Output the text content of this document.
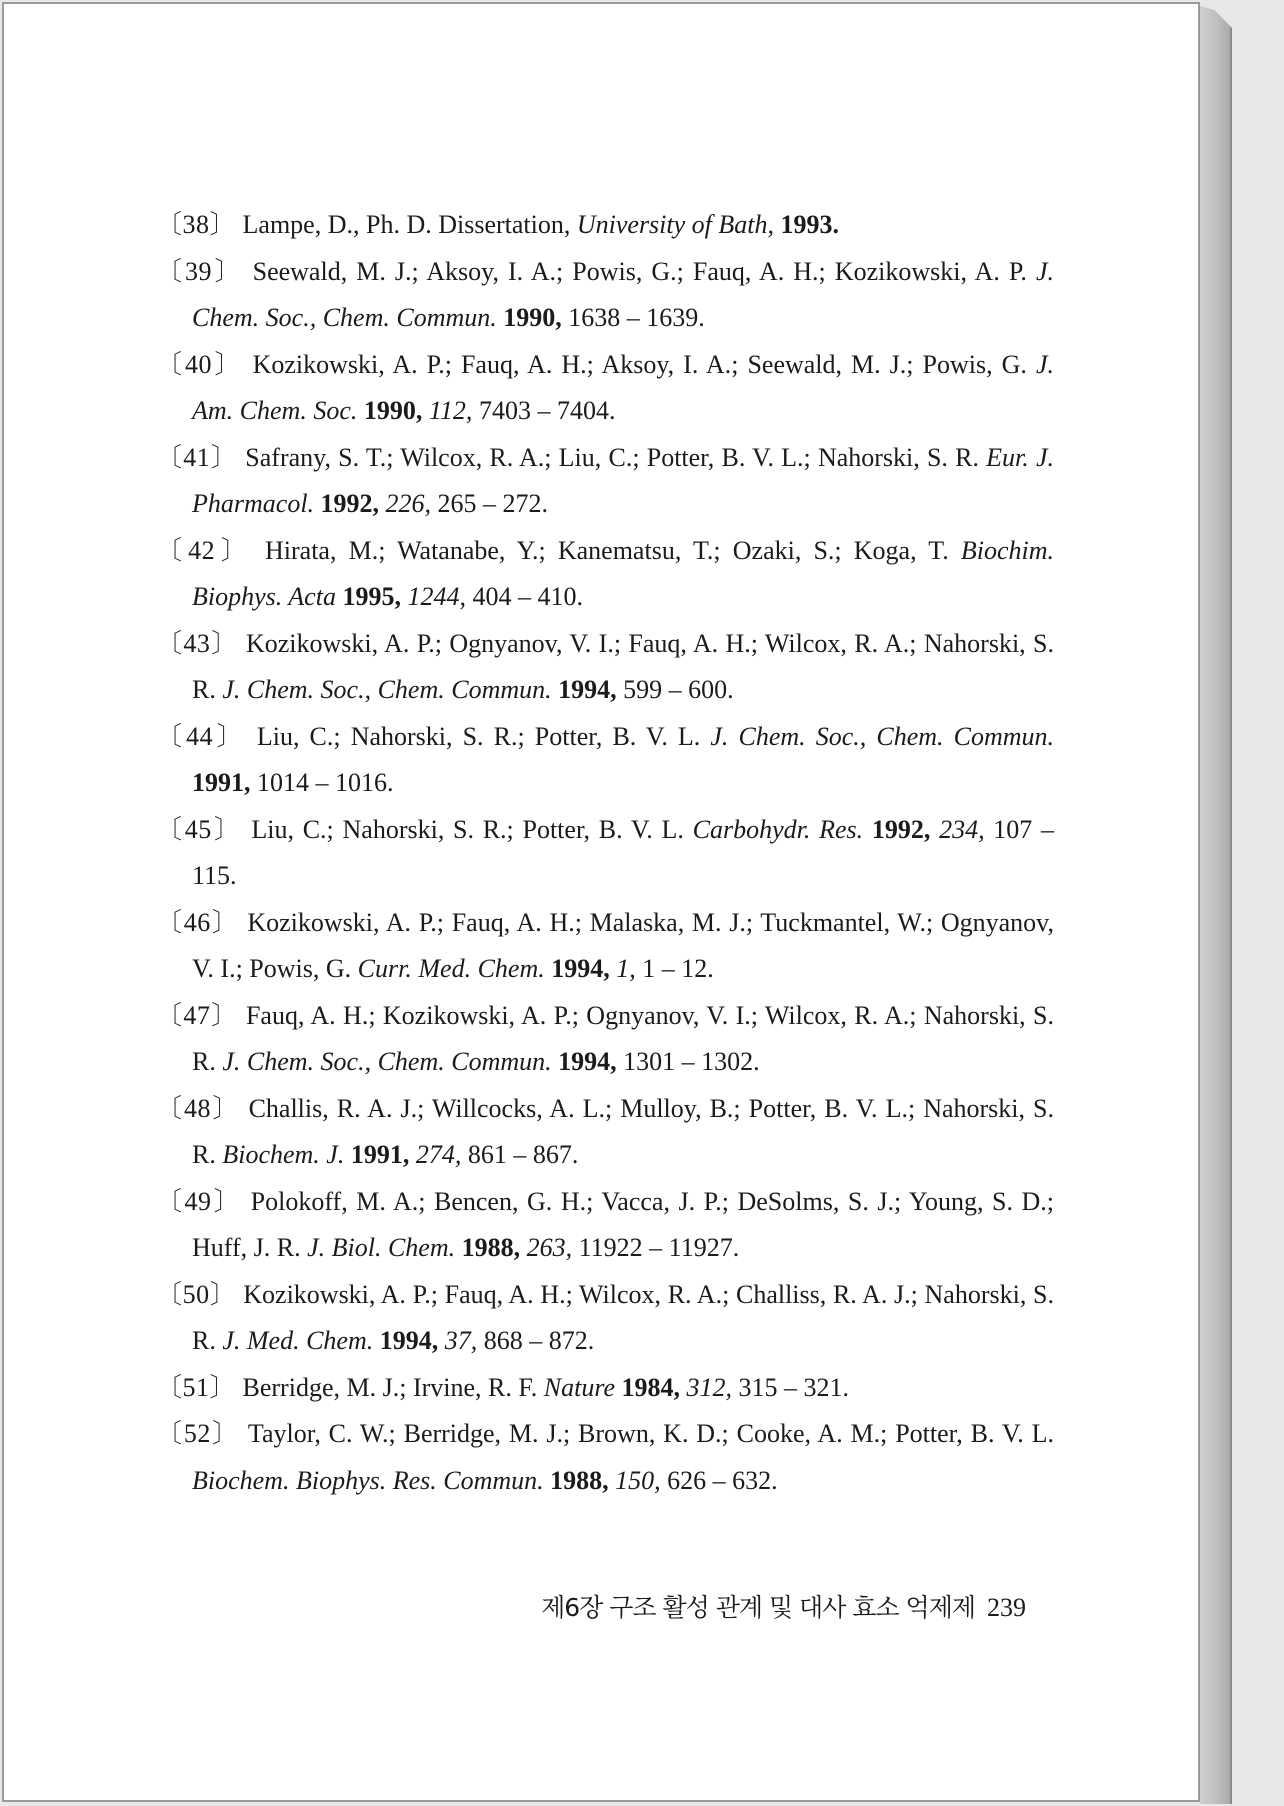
〔38〕 Lampe, D., Ph. D. Dissertation, University of Bath, 1993.
〔39〕 Seewald, M. J.; Aksoy, I. A.; Powis, G.; Fauq, A. H.; Kozikowski, A. P. J. Chem. Soc., Chem. Commun. 1990, 1638 – 1639.
〔40〕 Kozikowski, A. P.; Fauq, A. H.; Aksoy, I. A.; Seewald, M. J.; Powis, G. J. Am. Chem. Soc. 1990, 112, 7403 – 7404.
〔41〕 Safrany, S. T.; Wilcox, R. A.; Liu, C.; Potter, B. V. L.; Nahorski, S. R. Eur. J. Pharmacol. 1992, 226, 265 – 272.
〔42〕 Hirata, M.; Watanabe, Y.; Kanematsu, T.; Ozaki, S.; Koga, T. Biochim. Biophys. Acta 1995, 1244, 404 – 410.
〔43〕 Kozikowski, A. P.; Ognyanov, V. I.; Fauq, A. H.; Wilcox, R. A.; Nahorski, S. R. J. Chem. Soc., Chem. Commun. 1994, 599 – 600.
〔44〕 Liu, C.; Nahorski, S. R.; Potter, B. V. L. J. Chem. Soc., Chem. Commun. 1991, 1014 – 1016.
〔45〕 Liu, C.; Nahorski, S. R.; Potter, B. V. L. Carbohydr. Res. 1992, 234, 107 – 115.
〔46〕 Kozikowski, A. P.; Fauq, A. H.; Malaska, M. J.; Tuckmantel, W.; Ognyanov, V. I.; Powis, G. Curr. Med. Chem. 1994, 1, 1 – 12.
〔47〕 Fauq, A. H.; Kozikowski, A. P.; Ognyanov, V. I.; Wilcox, R. A.; Nahorski, S. R. J. Chem. Soc., Chem. Commun. 1994, 1301 – 1302.
〔48〕 Challis, R. A. J.; Willcocks, A. L.; Mulloy, B.; Potter, B. V. L.; Nahorski, S. R. Biochem. J. 1991, 274, 861 – 867.
〔49〕 Polokoff, M. A.; Bencen, G. H.; Vacca, J. P.; DeSolms, S. J.; Young, S. D.; Huff, J. R. J. Biol. Chem. 1988, 263, 11922 – 11927.
〔50〕 Kozikowski, A. P.; Fauq, A. H.; Wilcox, R. A.; Challiss, R. A. J.; Nahorski, S. R. J. Med. Chem. 1994, 37, 868 – 872.
〔51〕 Berridge, M. J.; Irvine, R. F. Nature 1984, 312, 315 – 321.
〔52〕 Taylor, C. W.; Berridge, M. J.; Brown, K. D.; Cooke, A. M.; Potter, B. V. L. Biochem. Biophys. Res. Commun. 1988, 150, 626 – 632.
제6장 구조 활성 관계 및 대사 효소 억제제 239
